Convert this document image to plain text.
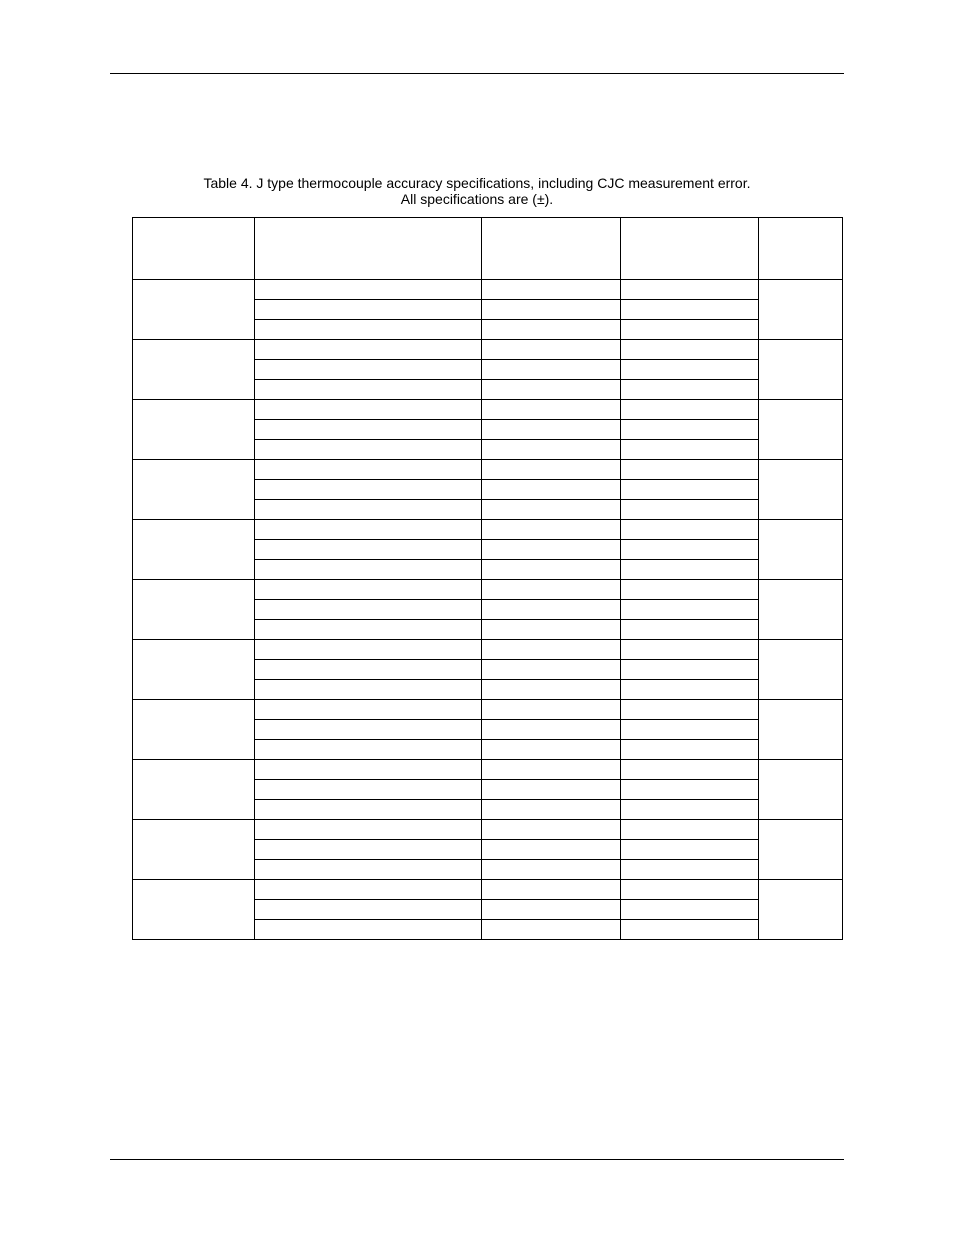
Table 4. J type thermocouple accuracy specifications, including CJC measurement error.
All specifications are (±).
